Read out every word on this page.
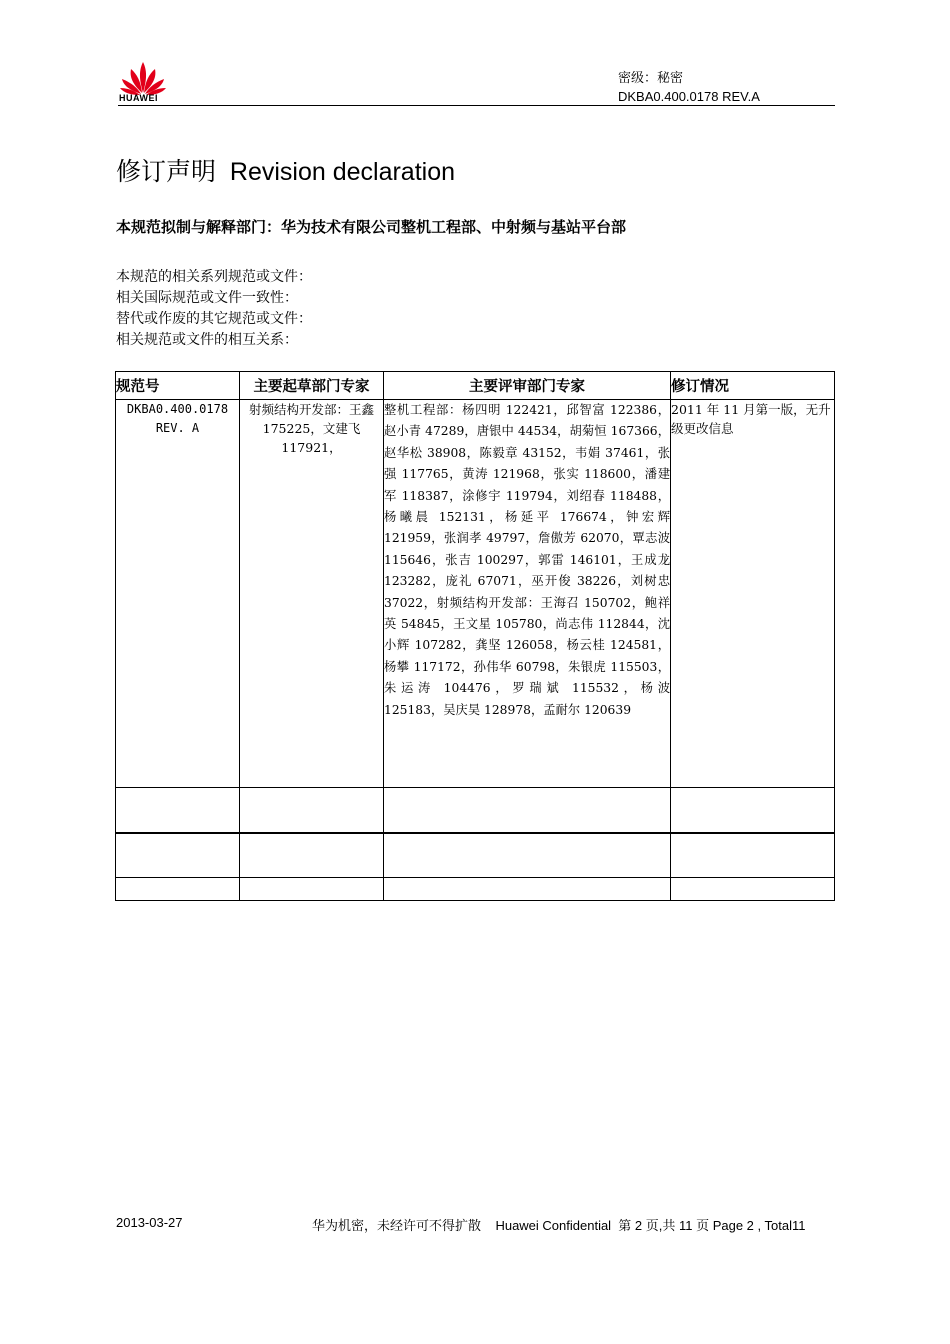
HUAWEI
密级：秘密
DKBA0.400.0178 REV.A
修订声明  Revision declaration
本规范拟制与解释部门：华为技术有限公司整机工程部、中射频与基站平台部
本规范的相关系列规范或文件：
相关国际规范或文件一致性：
替代或作废的其它规范或文件：
相关规范或文件的相互关系：
规范号	主要起草部门专家	主要评审部门专家	修订情况
DKBA0.400.0178 REV. A	射频结构开发部：王鑫 175225，文建飞 117921，	整机工程部：杨四明 122421，邱智富 122386，赵小青 47289，唐银中 44534，胡菊恒 167366，赵华松 38908，陈毅章 43152，韦娟 37461，张强 117765，黄涛 121968，张实 118600，潘建军 118387，涂修宇 119794，刘绍春 118488，杨曦晨 152131，杨延平 176674，钟宏辉 121959，张润孝 49797，詹傲芳 62070，覃志波 115646，张吉 100297，郭雷 146101，王成龙 123282，庞礼 67071，巫开俊 38226，刘树忠 37022，射频结构开发部：王海召 150702，鲍祥英 54845，王文星 105780，尚志伟 112844，沈小辉 107282，龚坚 126058，杨云桂 124581，杨攀 117172，孙伟华 60798，朱银虎 115503，朱运涛 104476，罗瑞斌 115532，杨波 125183，吴庆昊 128978，孟耐尔 120639	2011 年 11 月第一版，无升级更改信息

2013-03-27	华为机密，未经许可不得扩散    Huawei Confidential  第 2 页,共 11 页 Page 2 , Total11
